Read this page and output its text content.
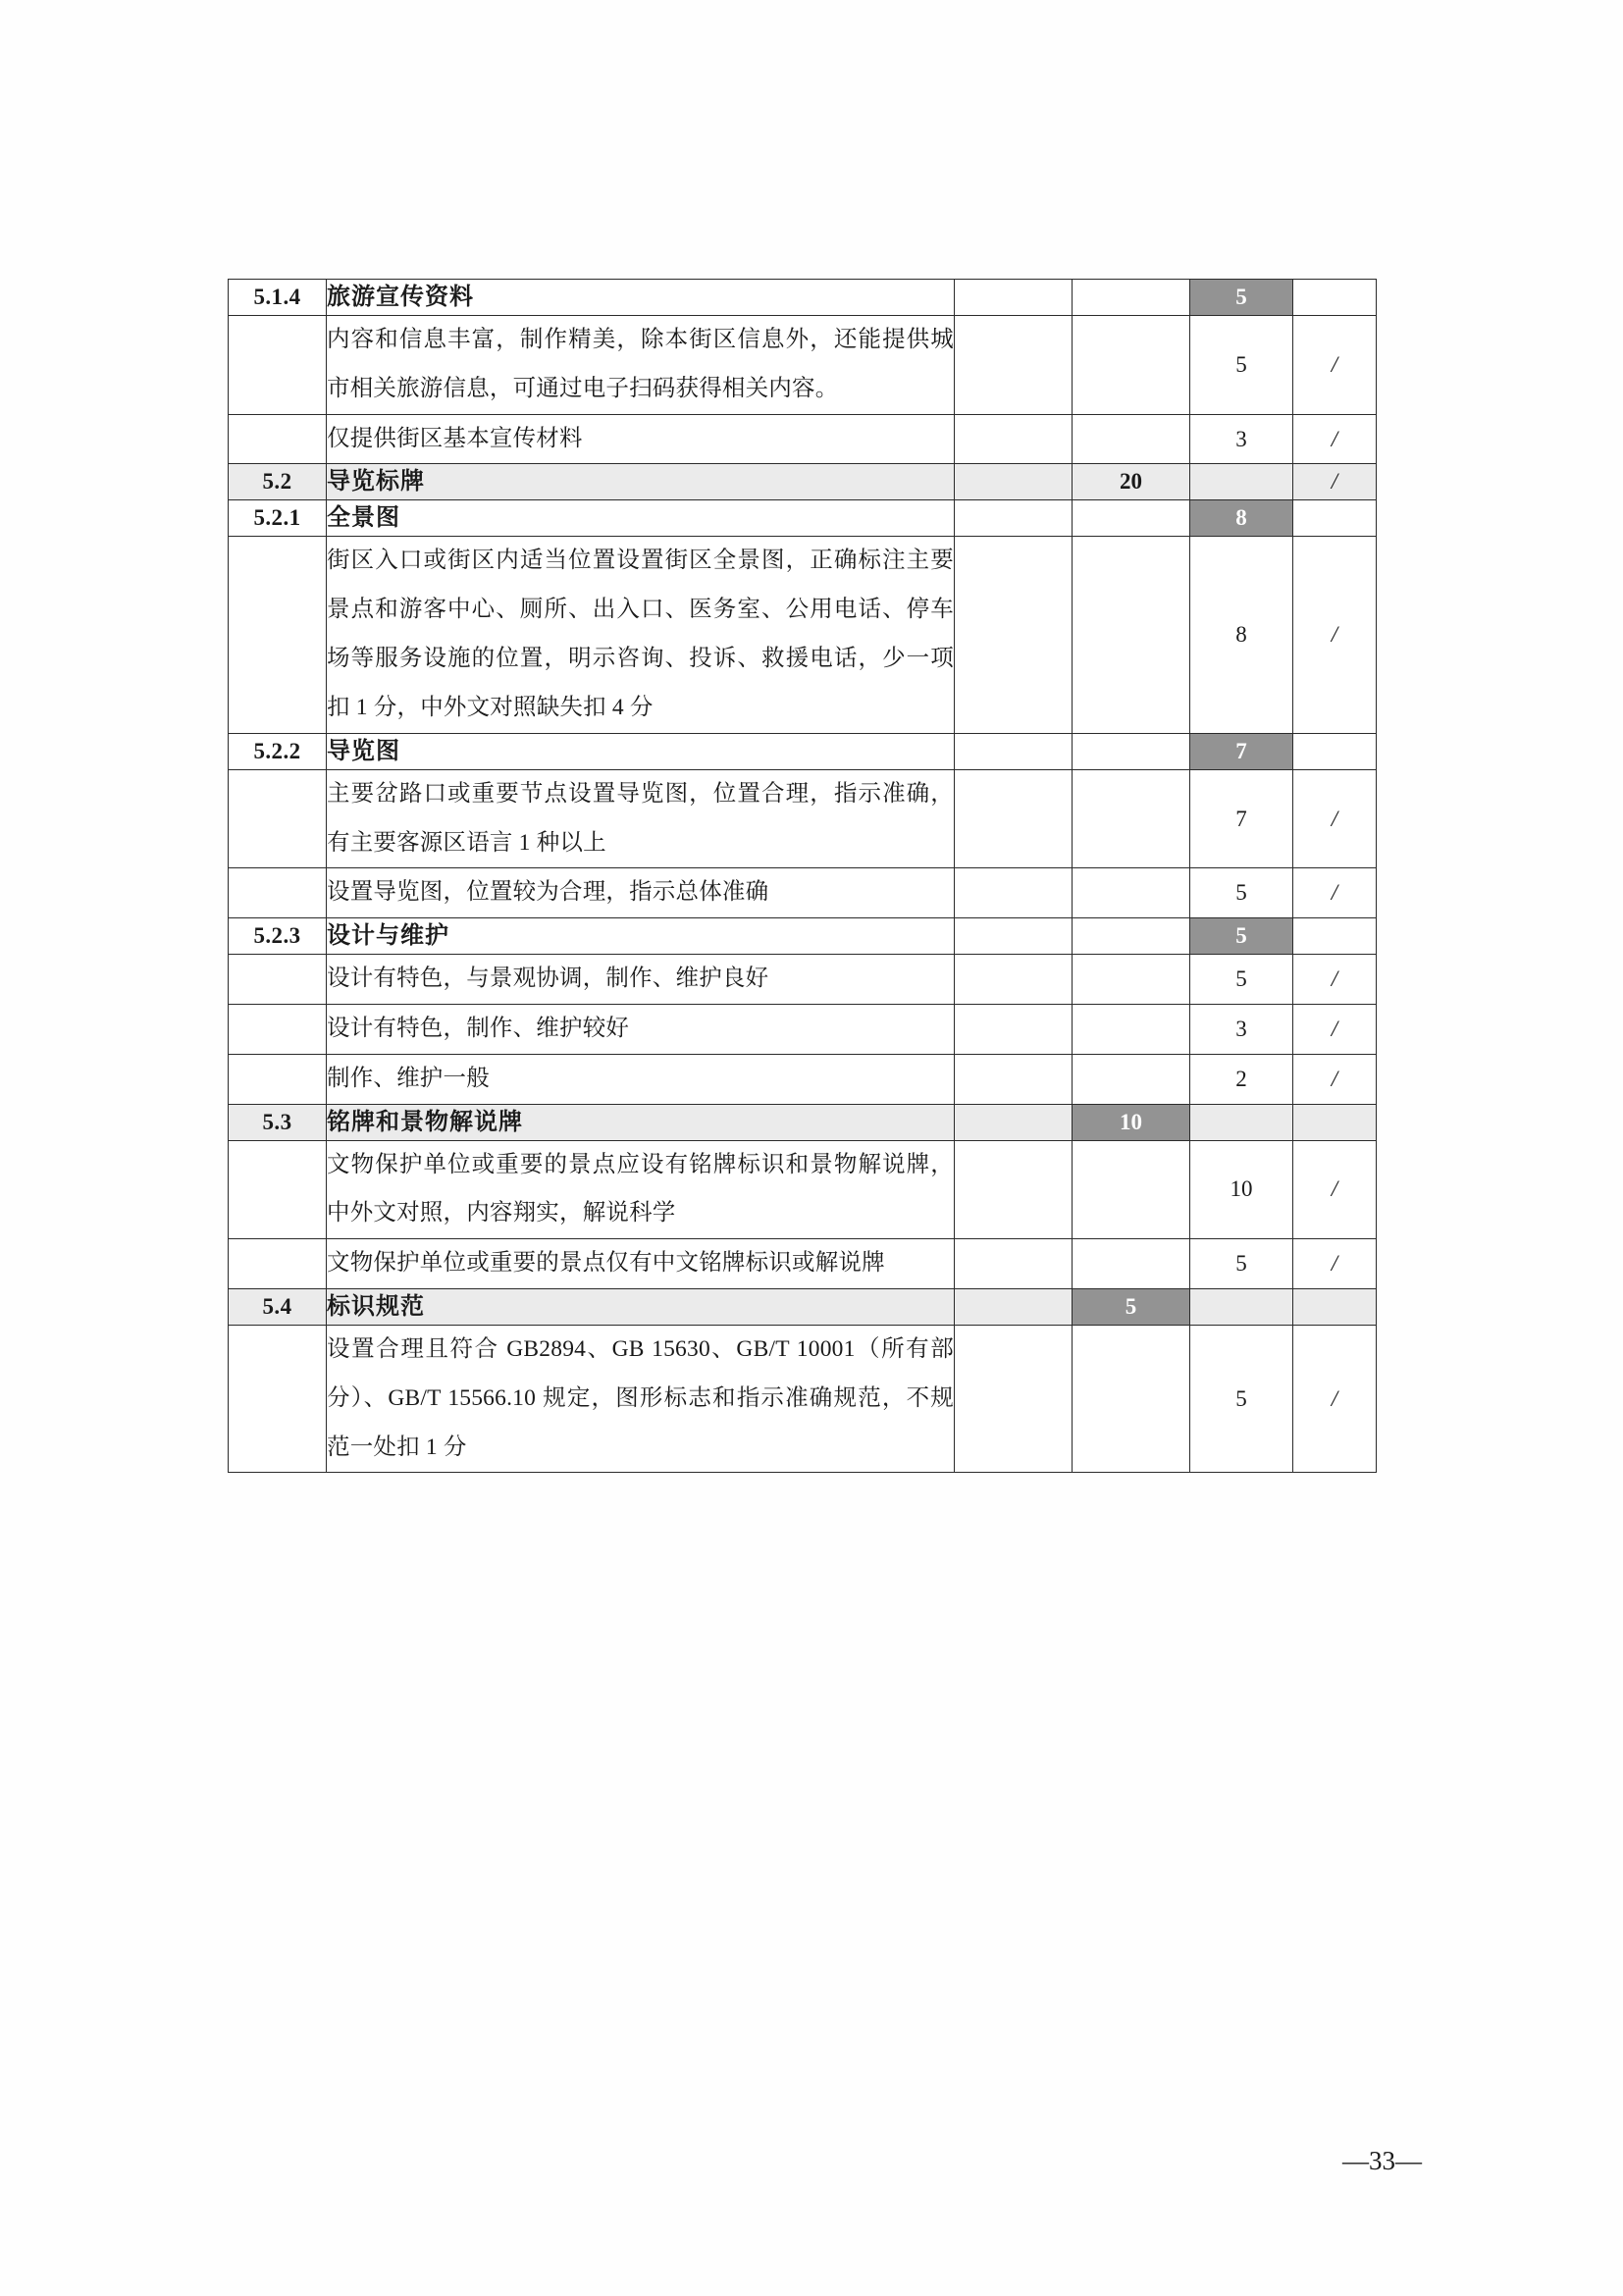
5.1.4	旅游宣传资料			5	
	内容和信息丰富，制作精美，除本街区信息外，还能提供城市相关旅游信息，可通过电子扫码获得相关内容。			5	/
	仅提供街区基本宣传材料			3	/
5.2	导览标牌		20		/
5.2.1	全景图			8	
	街区入口或街区内适当位置设置街区全景图，正确标注主要景点和游客中心、厕所、出入口、医务室、公用电话、停车场等服务设施的位置，明示咨询、投诉、救援电话，少一项扣 1 分，中外文对照缺失扣 4 分			8	/
5.2.2	导览图			7	
	主要岔路口或重要节点设置导览图，位置合理，指示准确，有主要客源区语言 1 种以上			7	/
	设置导览图，位置较为合理，指示总体准确			5	/
5.2.3	设计与维护			5	
	设计有特色，与景观协调，制作、维护良好			5	/
	设计有特色，制作、维护较好			3	/
	制作、维护一般			2	/
5.3	铭牌和景物解说牌		10		
	文物保护单位或重要的景点应设有铭牌标识和景物解说牌，中外文对照，内容翔实，解说科学			10	/
	文物保护单位或重要的景点仅有中文铭牌标识或解说牌			5	/
5.4	标识规范		5		
	设置合理且符合 GB2894、GB 15630、GB/T 10001（所有部分）、GB/T 15566.10 规定，图形标志和指示准确规范，不规范一处扣 1 分			5	/
—33—
